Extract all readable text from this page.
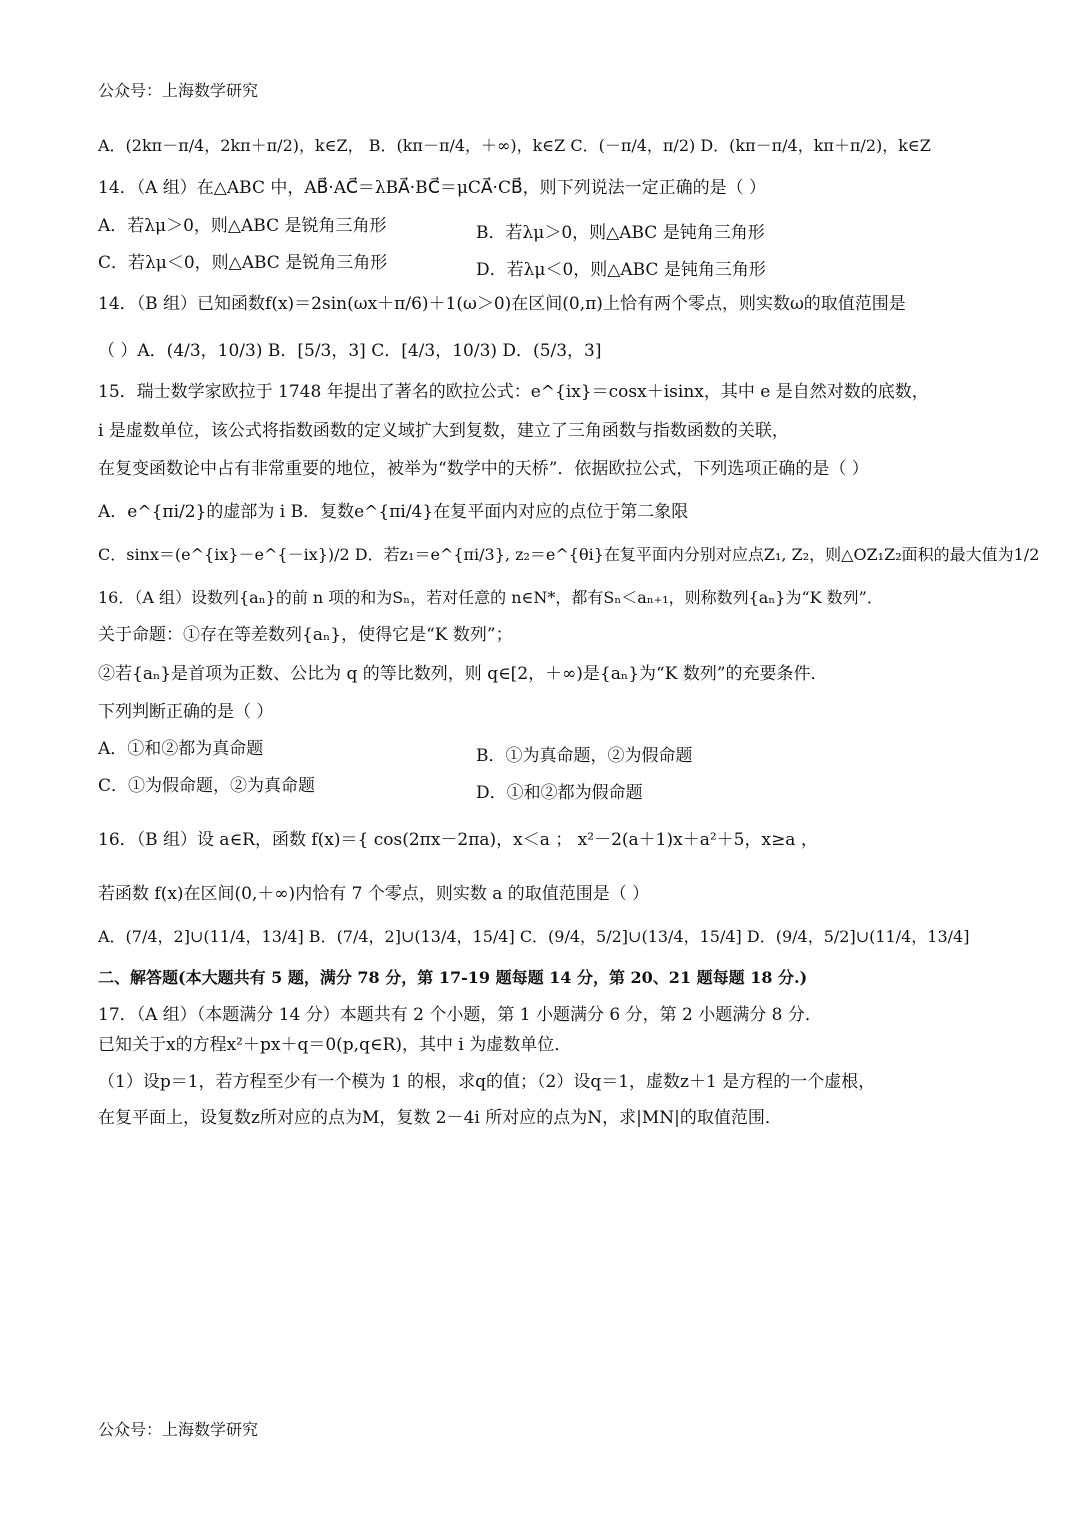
公众号：上海数学研究
A．(2kπ－π/4，2kπ＋π/2)，k∈Z， B．(kπ－π/4，＋∞)，k∈Z C．(－π/4，π/2) D．(kπ－π/4，kπ＋π/2)，k∈Z
14．（A 组）在△ABC 中，AB⃗·AC⃗＝λBA⃗·BC⃗＝μCA⃗·CB⃗，则下列说法一定正确的是（ ）
A．若λμ＞0，则△ABC 是锐角三角形	B．若λμ＞0，则△ABC 是钝角三角形
C．若λμ＜0，则△ABC 是锐角三角形	D．若λμ＜0，则△ABC 是钝角三角形
14．（B 组）已知函数f(x)＝2sin(ωx＋π/6)＋1(ω＞0)在区间(0,π)上恰有两个零点，则实数ω的取值范围是
（ ）A．(4/3，10/3) B．[5/3，3] C．[4/3，10/3) D．(5/3，3]
15．瑞士数学家欧拉于 1748 年提出了著名的欧拉公式：e^{ix}＝cosx＋isinx，其中 e 是自然对数的底数，
i 是虚数单位，该公式将指数函数的定义域扩大到复数，建立了三角函数与指数函数的关联，
在复变函数论中占有非常重要的地位，被举为“数学中的天桥”．依据欧拉公式，下列选项正确的是（ ）
A．e^{πi/2}的虚部为 i B．复数e^{πi/4}在复平面内对应的点位于第二象限
C．sinx＝(e^{ix}－e^{－ix})/2 D．若z₁＝e^{πi/3}, z₂＝e^{θi}在复平面内分别对应点Z₁, Z₂，则△OZ₁Z₂面积的最大值为1/2
16．（A 组）设数列{aₙ}的前 n 项的和为Sₙ，若对任意的 n∈N*，都有Sₙ＜aₙ₊₁，则称数列{aₙ}为“K 数列”．
关于命题：①存在等差数列{aₙ}，使得它是“K 数列”；
②若{aₙ}是首项为正数、公比为 q 的等比数列，则 q∈[2，＋∞)是{aₙ}为“K 数列”的充要条件．
下列判断正确的是（ ）
A．①和②都为真命题	B．①为真命题，②为假命题
C．①为假命题，②为真命题	D．①和②都为假命题
16．（B 组）设 a∈R，函数 f(x)＝{ cos(2πx－2πa)，x＜a ； x²－2(a＋1)x＋a²＋5，x≥a ，
若函数 f(x)在区间(0,＋∞)内恰有 7 个零点，则实数 a 的取值范围是（ ）
A．(7/4，2]∪(11/4，13/4] B．(7/4，2]∪(13/4，15/4] C．(9/4，5/2]∪(13/4，15/4] D．(9/4，5/2]∪(11/4，13/4]
二、解答题(本大题共有 5 题，满分 78 分，第 17-19 题每题 14 分，第 20、21 题每题 18 分.)
17．（A 组）（本题满分 14 分）本题共有 2 个小题，第 1 小题满分 6 分，第 2 小题满分 8 分．
已知关于x的方程x²＋px＋q＝0(p,q∈R)，其中 i 为虚数单位．
（1）设p＝1，若方程至少有一个模为 1 的根，求q的值；（2）设q＝1，虚数z＋1 是方程的一个虚根，
在复平面上，设复数z所对应的点为M，复数 2－4i 所对应的点为N，求|MN|的取值范围．
公众号：上海数学研究
